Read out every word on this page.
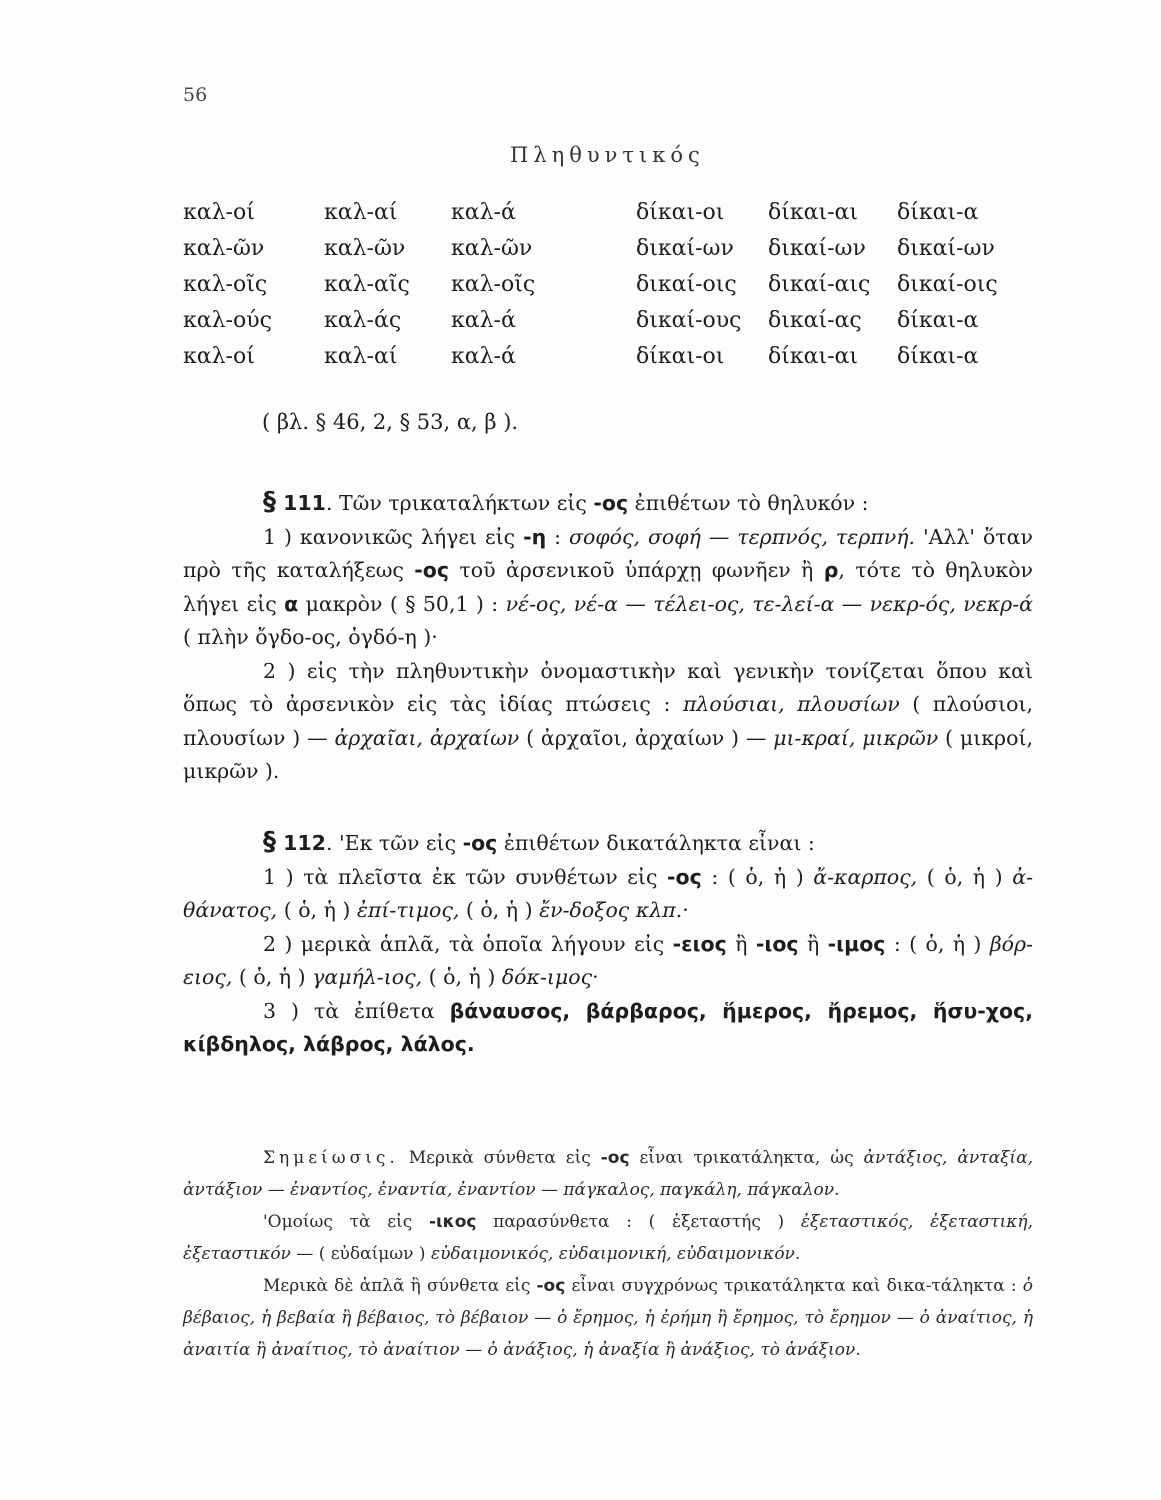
56
Πληθυντικός
καλ-οί	καλ-αί καλ-ά	δίκαι-οι δίκαι-αι δίκαι-α
καλ-ῶν	καλ-ῶν καλ-ῶν	δικαί-ων δικαί-ων δικαί-ων
καλ-οῖς	καλ-αῖς καλ-οῖς	δικαί-οις δικαί-αις δικαί-οις
καλ-ούς καλ-άς καλ-ά	δικαί-ους δικαί-ας δίκαι-α
καλ-οί	καλ-αί καλ-ά	δίκαι-οι δίκαι-αι δίκαι-α
( βλ. § 46, 2, § 53, α, β ).
§ 111. Τῶν τρικαταλήκτων εἰς -ος ἐπιθέτων τὸ θηλυκόν :
1 ) κανονικῶς λήγει εἰς -η : σοφός, σοφή — τερπνός, τερπνή. 'Αλλ' ὅταν πρὸ τῆς καταλήξεως -ος τοῦ ἀρσενικοῦ ὑπάρχῃ φωνῆεν ἢ ρ, τότε τὸ θηλυκὸν λήγει εἰς α μακρὸν ( § 50,1 ) : νέ-ος, νέ-α — τέλει-ος, τε-λεί-α — νεκρ-ός, νεκρ-ά ( πλὴν ὄγδο-ος, ὀγδό-η )·
2 ) εἰς τὴν πληθυντικὴν ὀνομαστικὴν καὶ γενικὴν τονίζεται ὅπου καὶ ὅπως τὸ ἀρσενικὸν εἰς τὰς ἰδίας πτώσεις : πλούσιαι, πλουσίων ( πλούσιοι, πλουσίων ) — ἀρχαῖαι, ἀρχαίων ( ἀρχαῖοι, ἀρχαίων ) — μι-κραί, μικρῶν ( μικροί, μικρῶν ).
§ 112. 'Εκ τῶν εἰς -ος ἐπιθέτων δικατάληκτα εἶναι :
1 ) τὰ πλεῖστα ἐκ τῶν συνθέτων εἰς -ος : ( ὁ, ἡ ) ἄ-καρπος, ( ὁ, ἡ ) ἀ-θάνατος, ( ὁ, ἡ ) ἐπί-τιμος, ( ὁ, ἡ ) ἔν-δοξος κλπ.·
2 ) μερικὰ ἁπλᾶ, τὰ ὁποῖα λήγουν εἰς -ειος ἢ -ιος ἢ -ιμος : ( ὁ, ἡ ) βόρ-ειος, ( ὁ, ἡ ) γαμήλ-ιος, ( ὁ, ἡ ) δόκ-ιμος·
3 ) τὰ ἐπίθετα βάναυσος, βάρβαρος, ἥμερος, ἤρεμος, ἥσυ-χος, κίβδηλος, λάβρος, λάλος.
Σημείωσις. Μερικὰ σύνθετα εἰς -ος εἶναι τρικατάληκτα, ὡς ἀντάξιος, ἀνταξία, ἀντάξιον — ἐναντίος, ἐναντία, ἐναντίον — πάγκαλος, παγκάλη, πάγκαλον.
'Ομοίως τὰ εἰς -ικος παρασύνθετα : ( ἐξεταστής ) ἐξεταστικός, ἐξεταστική, ἐξεταστικόν — ( εὐδαίμων ) εὐδαιμονικός, εὐδαιμονική, εὐδαιμονικόν.
Μερικὰ δὲ ἁπλᾶ ἢ σύνθετα εἰς -ος εἶναι συγχρόνως τρικατάληκτα καὶ δικα-τάληκτα : ὁ βέβαιος, ἡ βεβαία ἢ βέβαιος, τὸ βέβαιον — ὁ ἔρημος, ἡ ἐρήμη ἢ ἔρημος, τὸ ἔρημον — ὁ ἀναίτιος, ἡ ἀναιτία ἢ ἀναίτιος, τὸ ἀναίτιον — ὁ ἀνάξιος, ἡ ἀναξία ἢ ἀνάξιος, τὸ ἀνάξιον.
